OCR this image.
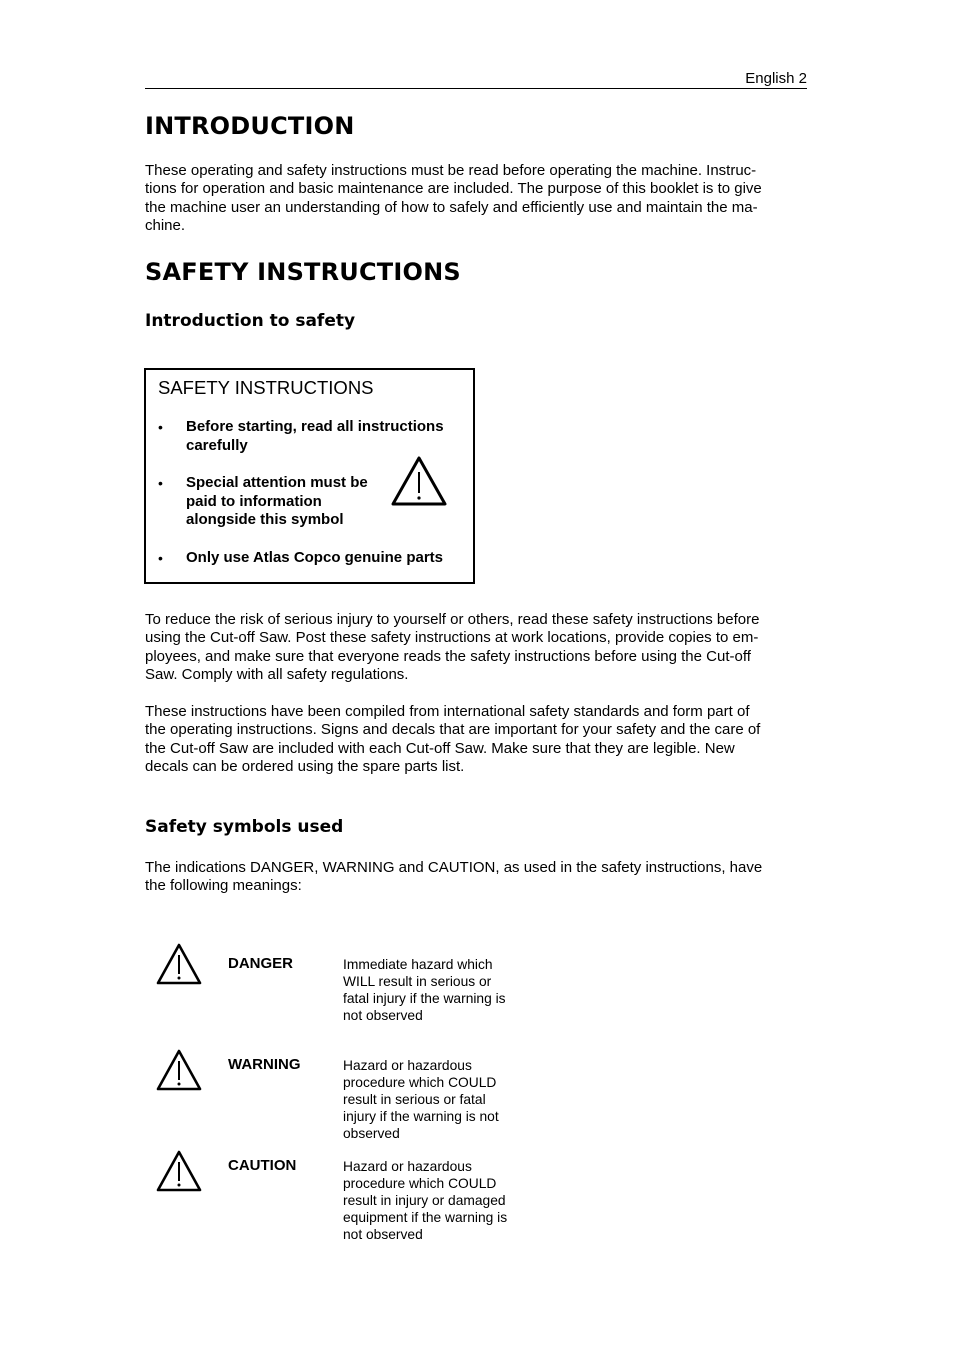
English 2
INTRODUCTION
These operating and safety instructions must be read before operating the machine. Instruc-
tions for operation and basic maintenance are included. The purpose of this booklet is to give
the machine user an understanding of how to safely and efficiently use and maintain the ma-
chine.
SAFETY INSTRUCTIONS
Introduction to safety
SAFETY INSTRUCTIONS
• Before starting, read all instructions
carefully
• Special attention must be
paid to information
alongside this symbol
• Only use Atlas Copco genuine parts
To reduce the risk of serious injury to yourself or others, read these safety instructions before
using the Cut-off Saw. Post these safety instructions at work locations, provide copies to em-
ployees, and make sure that everyone reads the safety instructions before using the Cut-off
Saw. Comply with all safety regulations.
These instructions have been compiled from international safety standards and form part of
the operating instructions. Signs and decals that are important for your safety and the care of
the Cut-off Saw are included with each Cut-off Saw. Make sure that they are legible. New
decals can be ordered using the spare parts list.
Safety symbols used
The indications DANGER, WARNING and CAUTION, as used in the safety instructions, have
the following meanings:
DANGER	Immediate hazard which
WILL result in serious or
fatal injury if the warning is
not observed
WARNING	Hazard or hazardous
procedure which COULD
result in serious or fatal
injury if the warning is not
observed
CAUTION	Hazard or hazardous
procedure which COULD
result in injury or damaged
equipment if the warning is
not observed
